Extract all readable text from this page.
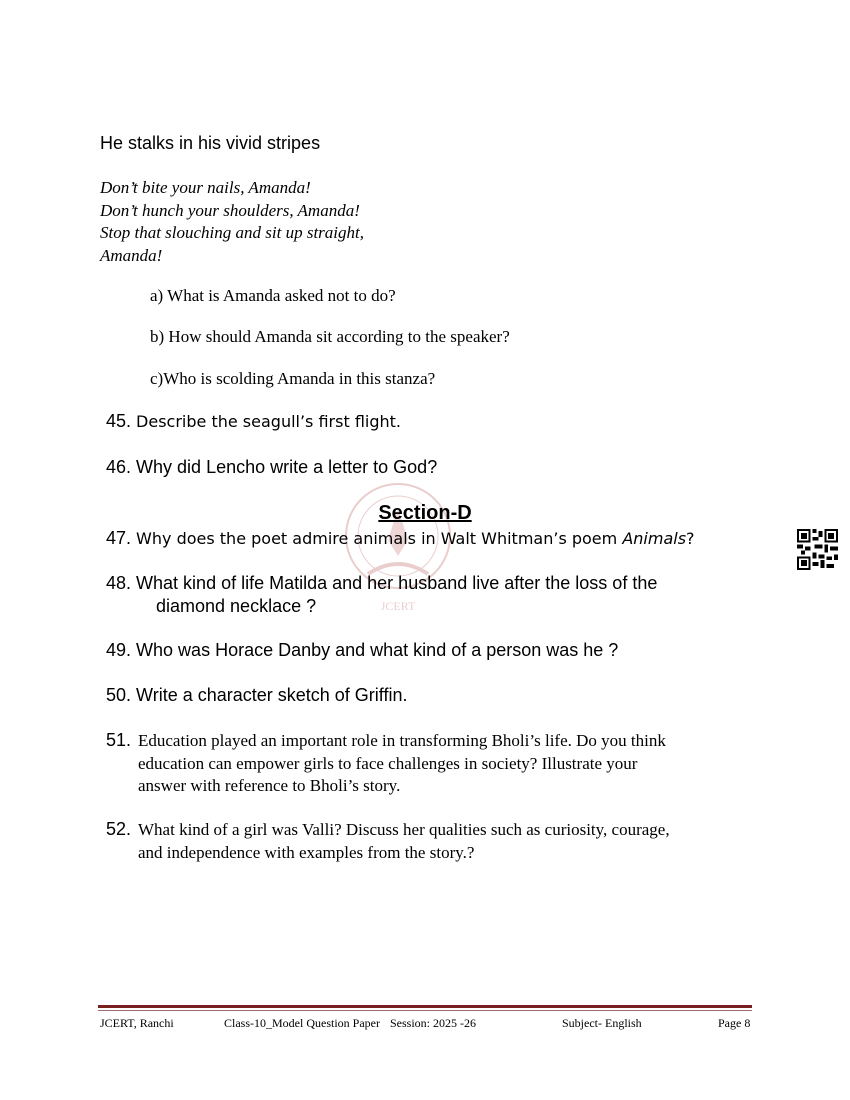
He stalks in his vivid stripes
Don’t bite your nails, Amanda!
Don’t hunch your shoulders, Amanda!
Stop that slouching and sit up straight,
Amanda!
a) What is Amanda asked not to do?
b) How should Amanda sit according to the speaker?
c)Who is scolding Amanda in this stanza?
45. Describe the seagull’s first flight.
46. Why did Lencho write a letter to God?
JCERT
Section-D
47. Why does the poet admire animals in Walt Whitman’s poem Animals?
48. What kind of life Matilda and her husband live after the loss of the
diamond necklace ?
49. Who was Horace Danby and what kind of a person was he ?
50. Write a character sketch of Griffin.
51. Education played an important role in transforming Bholi’s life. Do you think
education can empower girls to face challenges in society? Illustrate your
answer with reference to Bholi’s story.
52. What kind of a girl was Valli? Discuss her qualities such as curiosity, courage,
and independence with examples from the story.?
JCERT, Ranchi	Class-10_Model Question Paper Session: 2025 -26	Subject- English	Page 8
